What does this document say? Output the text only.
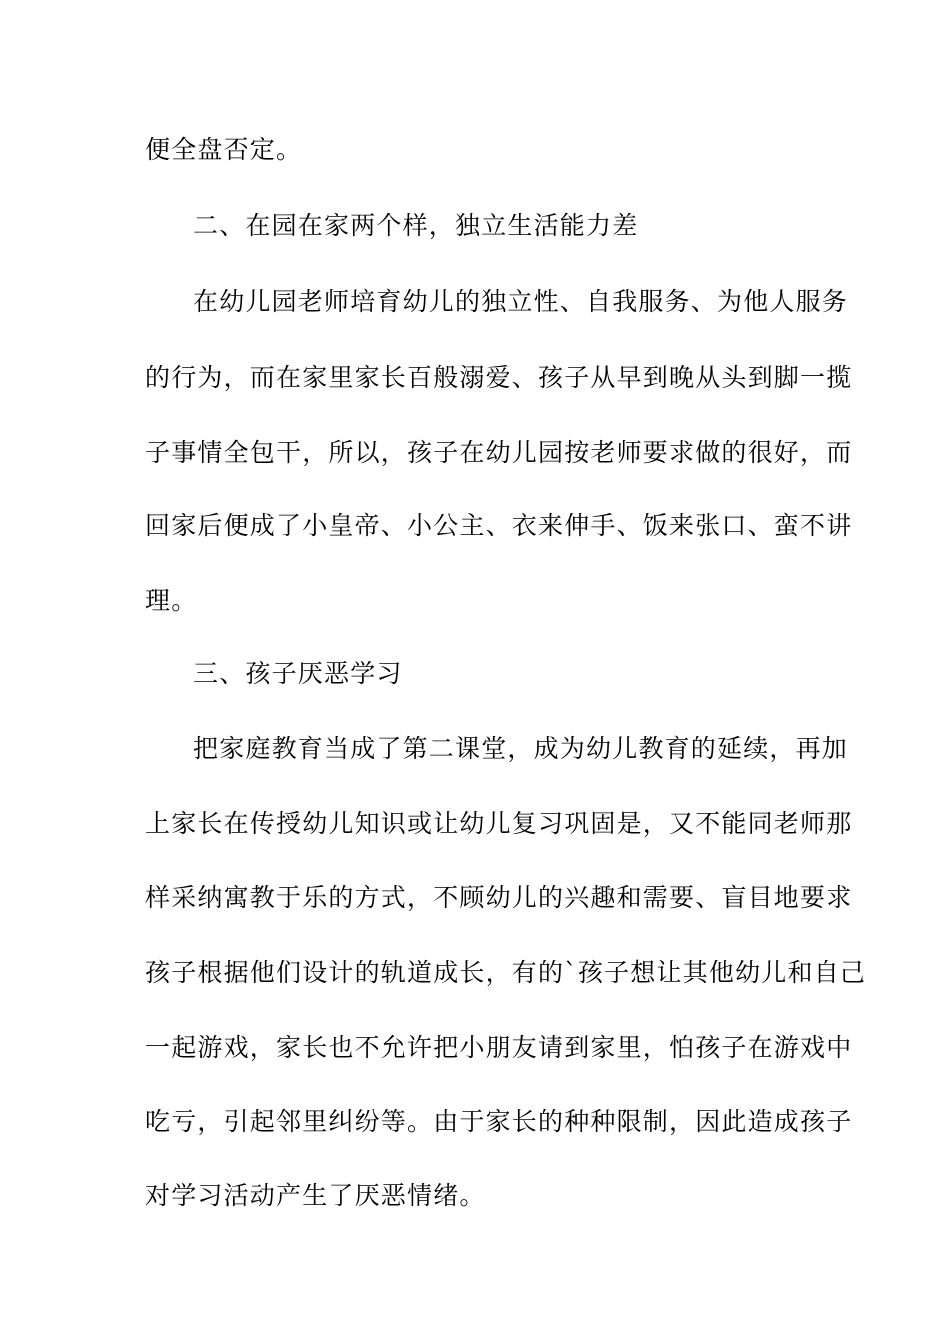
便全盘否定。

二、在园在家两个样，独立生活能力差

在幼儿园老师培育幼儿的独立性、自我服务、为他人服务

的行为，而在家里家长百般溺爱、孩子从早到晚从头到脚一揽

子事情全包干，所以，孩子在幼儿园按老师要求做的很好，而

回家后便成了小皇帝、小公主、衣来伸手、饭来张口、蛮不讲

理。

三、孩子厌恶学习

把家庭教育当成了第二课堂，成为幼儿教育的延续，再加

上家长在传授幼儿知识或让幼儿复习巩固是，又不能同老师那

样采纳寓教于乐的方式，不顾幼儿的兴趣和需要、盲目地要求

孩子根据他们设计的轨道成长，有的`孩子想让其他幼儿和自己

一起游戏，家长也不允许把小朋友请到家里，怕孩子在游戏中

吃亏，引起邻里纠纷等。由于家长的种种限制，因此造成孩子

对学习活动产生了厌恶情绪。
